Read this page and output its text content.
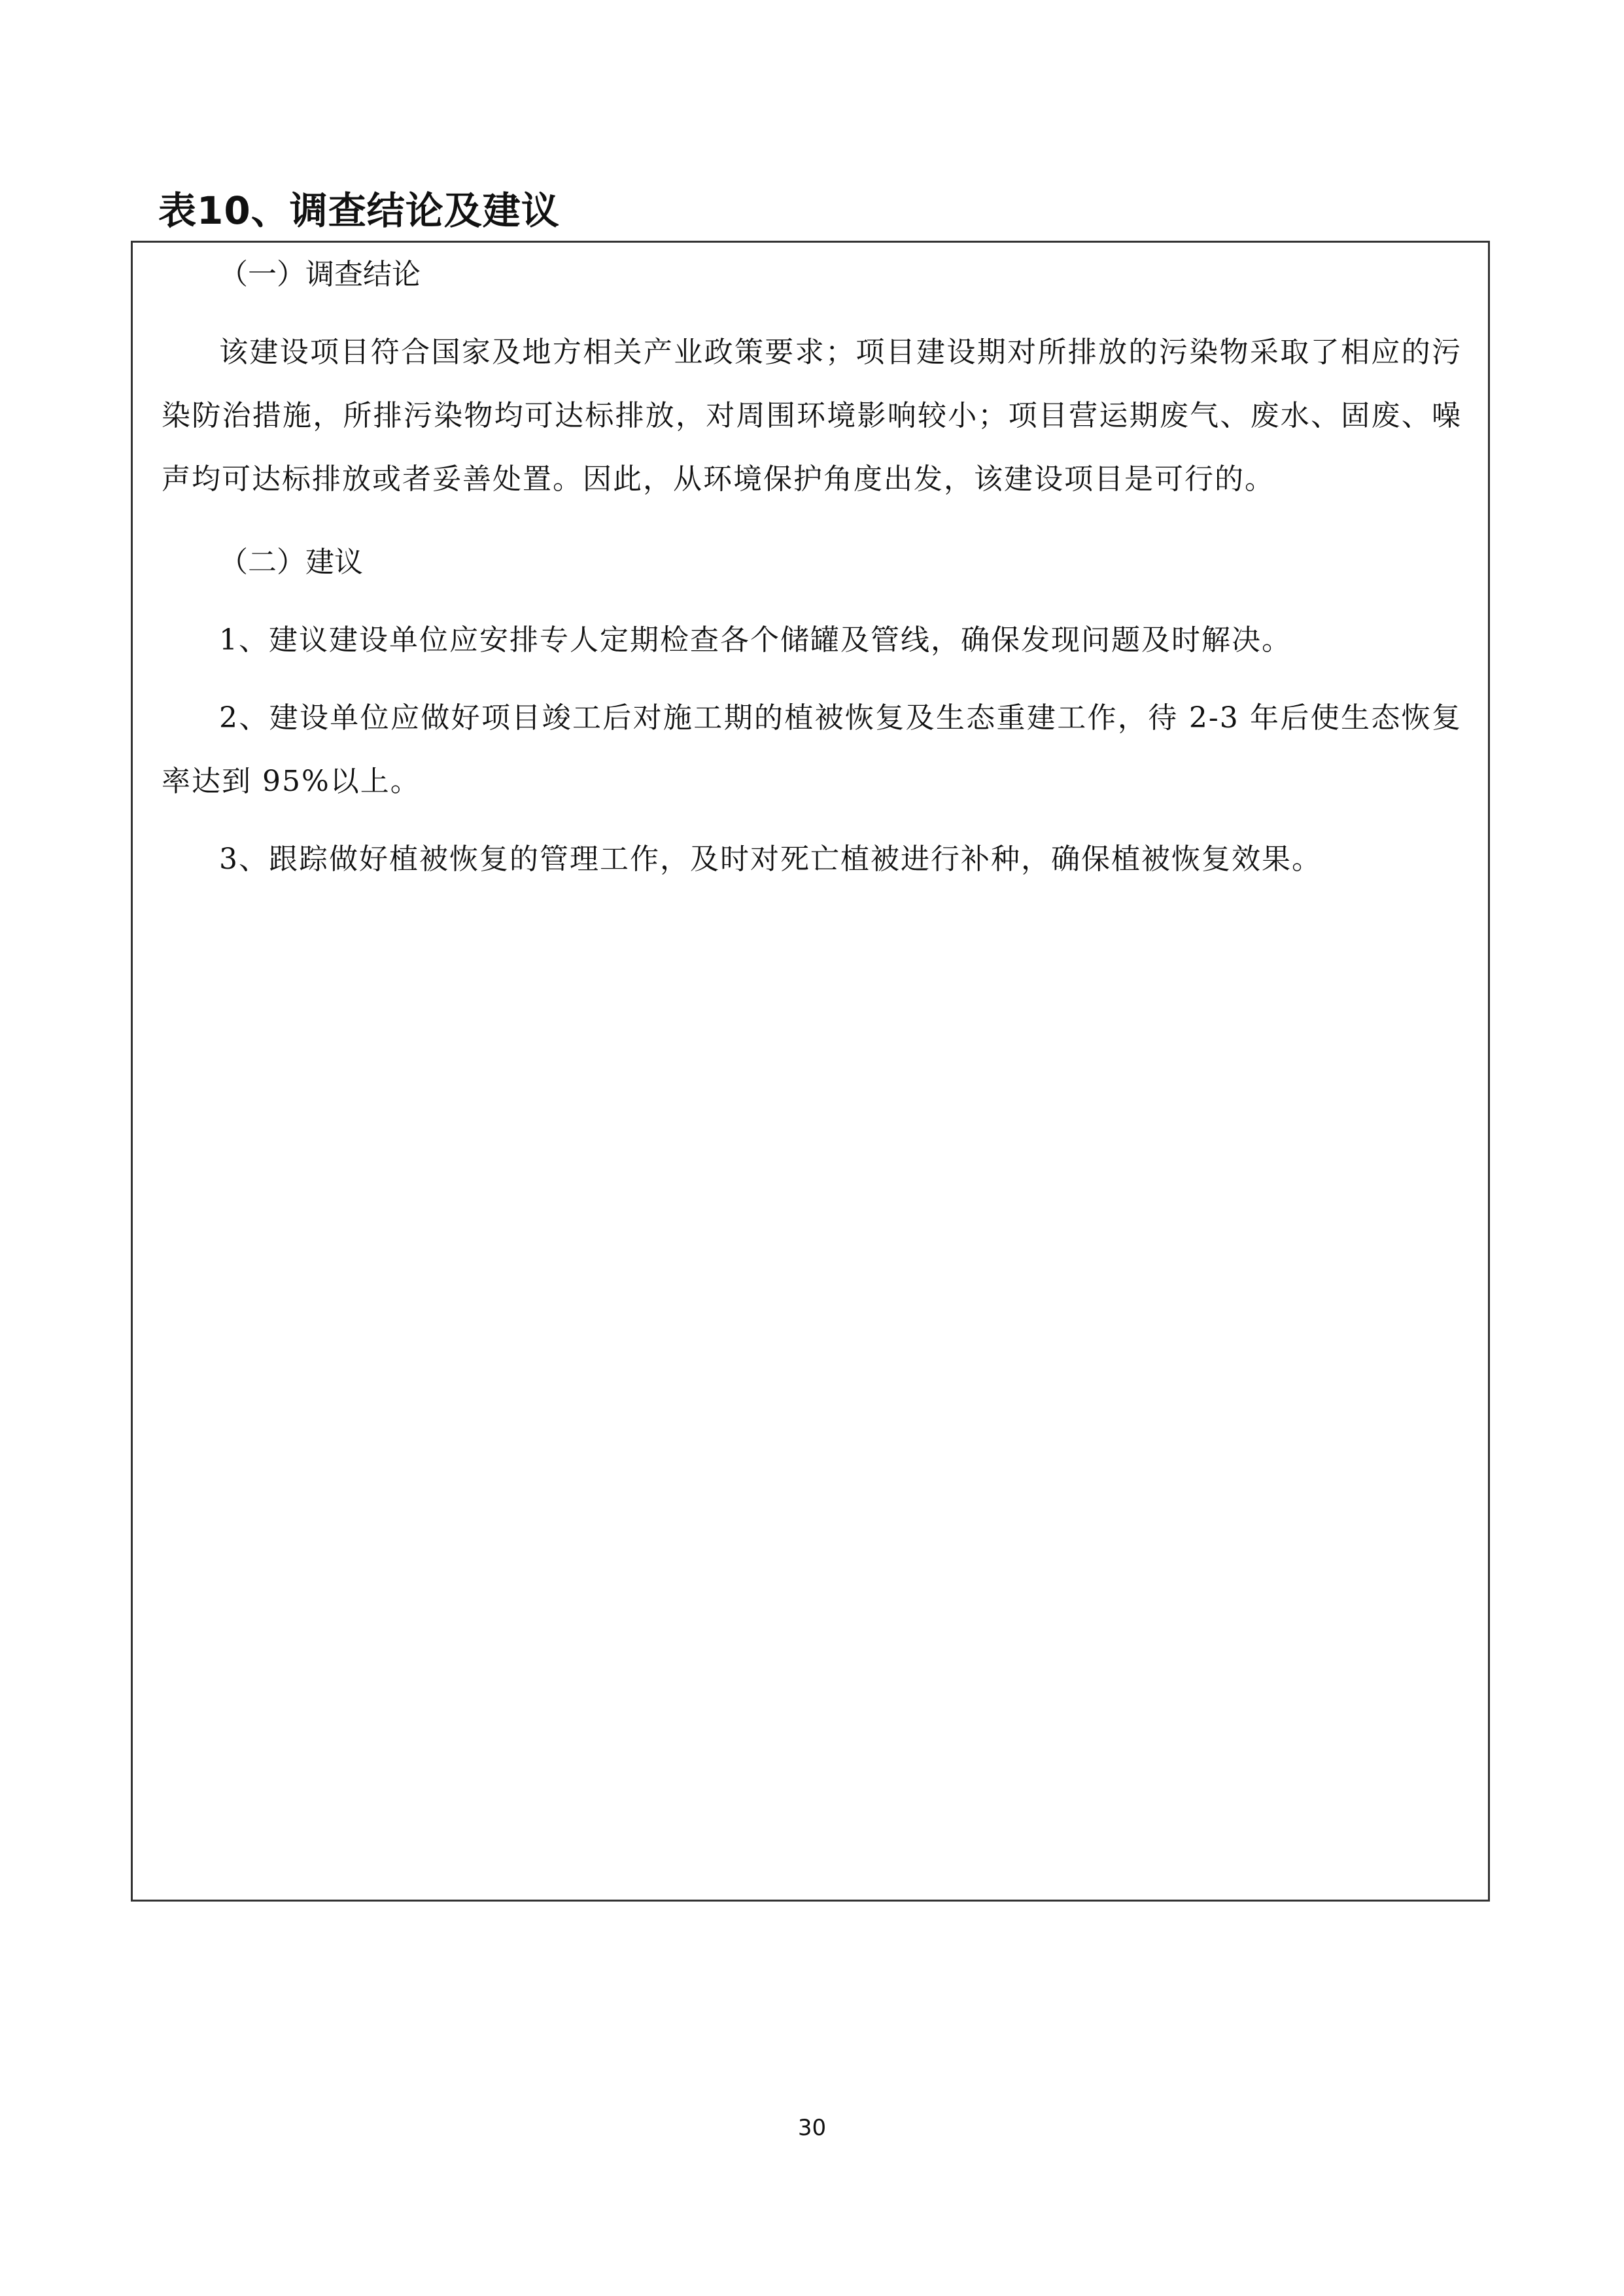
表10、调查结论及建议

（一）调查结论

该建设项目符合国家及地方相关产业政策要求；项目建设期对所排放的污染物采取了相应的污染防治措施，所排污染物均可达标排放，对周围环境影响较小；项目营运期废气、废水、固废、噪声均可达标排放或者妥善处置。因此，从环境保护角度出发，该建设项目是可行的。

（二）建议

1、建议建设单位应安排专人定期检查各个储罐及管线，确保发现问题及时解决。

2、建设单位应做好项目竣工后对施工期的植被恢复及生态重建工作，待 2-3 年后使生态恢复率达到 95%以上。

3、跟踪做好植被恢复的管理工作，及时对死亡植被进行补种，确保植被恢复效果。

30
